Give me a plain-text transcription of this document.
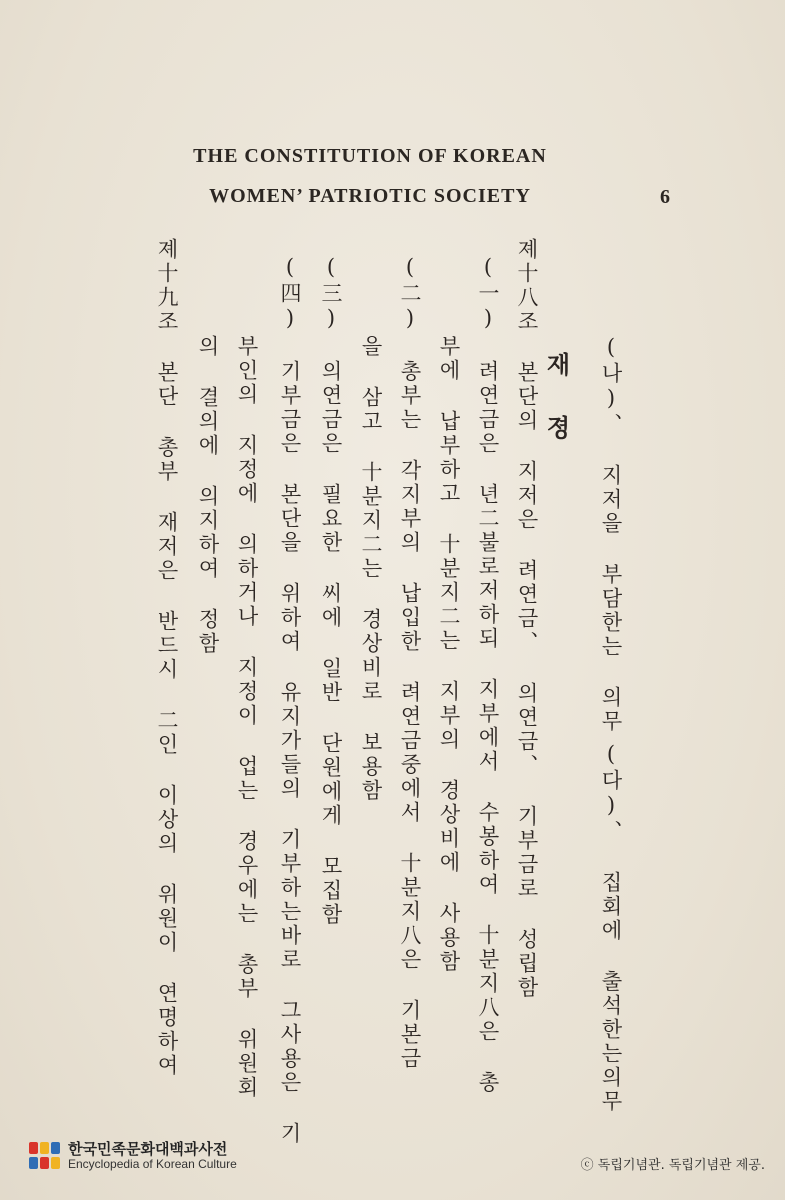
THE CONSTITUTION OF KOREAN
WOMEN’ PATRIOTIC SOCIETY	6
(나)、 지저을 부담한는 의무
(다)、 집회에 출석한는의무
재 졍
졔十八조 본단의 지저은 려연금、 의연금、 기부금로 성립함
(一) 려연금은 년二불로저하되 지부에서 수봉하여 十분지八은 총
부에 납부하고 十분지二는 지부의 경상비에 사용함
(二) 총부는 각지부의 납입한 려연금중에서 十분지八은 기본금
을 삼고 十분지二는 경상비로 보용함
(三) 의연금은 필요한 씨에 일반 단원에게 모집함
(四) 기부금은 본단을 위하여 유지가들의 기부하는바로 그사용은 기
부인의 지정에 의하거나 지정이 업는 경우에는 총부 위원회
의 결의에 의지하여 정함
졔十九조 본단 총부 재저은 반드시 二인 이상의 위원이 연명하여
한국민족문화대백과사전
Encyclopedia of Korean Culture	ⓒ 독립기념관. 독립기념관 제공.
